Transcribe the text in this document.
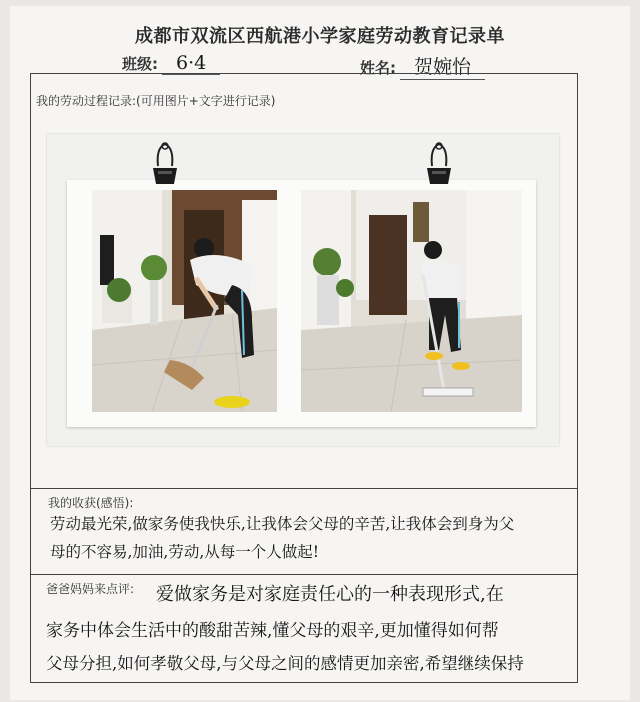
成都市双流区西航港小学家庭劳动教育记录单
班级: 6·4	姓名: 贺婉怡
我的劳动过程记录:(可用图片+文字进行记录)
我的收获(感悟):
劳动最光荣,做家务使我快乐,让我体会父母的辛苦,让我体会到身为父
母的不容易,加油,劳动,从每一个人做起!
爸爸妈妈来点评: 爱做家务是对家庭责任心的一种表现形式,在
家务中体会生活中的酸甜苦辣,懂父母的艰辛,更加懂得如何帮
父母分担,如何孝敬父母,与父母之间的感情更加亲密,希望继续保持
